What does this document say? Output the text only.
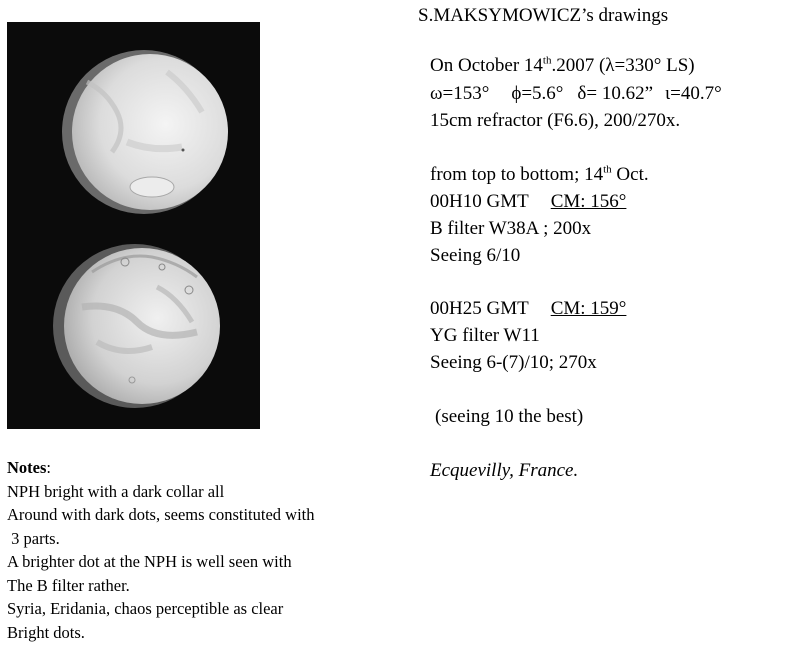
S.MAKSYMOWICZ’s drawings
On October 14th.2007 (λ=330° LS)
ω=153° ϕ=5.6° δ= 10.62” ι=40.7°
15cm refractor (F6.6), 200/270x.
from top to bottom; 14th Oct.
00H10 GMT CM: 156°
B filter W38A ; 200x
Seeing 6/10
00H25 GMT CM: 159°
YG filter W11
Seeing 6-(7)/10; 270x
(seeing 10 the best)
Ecquevilly, France.
Notes:
NPH bright with a dark collar all
Around with dark dots, seems constituted with
3 parts.
A brighter dot at the NPH is well seen with
The B filter rather.
Syria, Eridania, chaos perceptible as clear
Bright dots.
